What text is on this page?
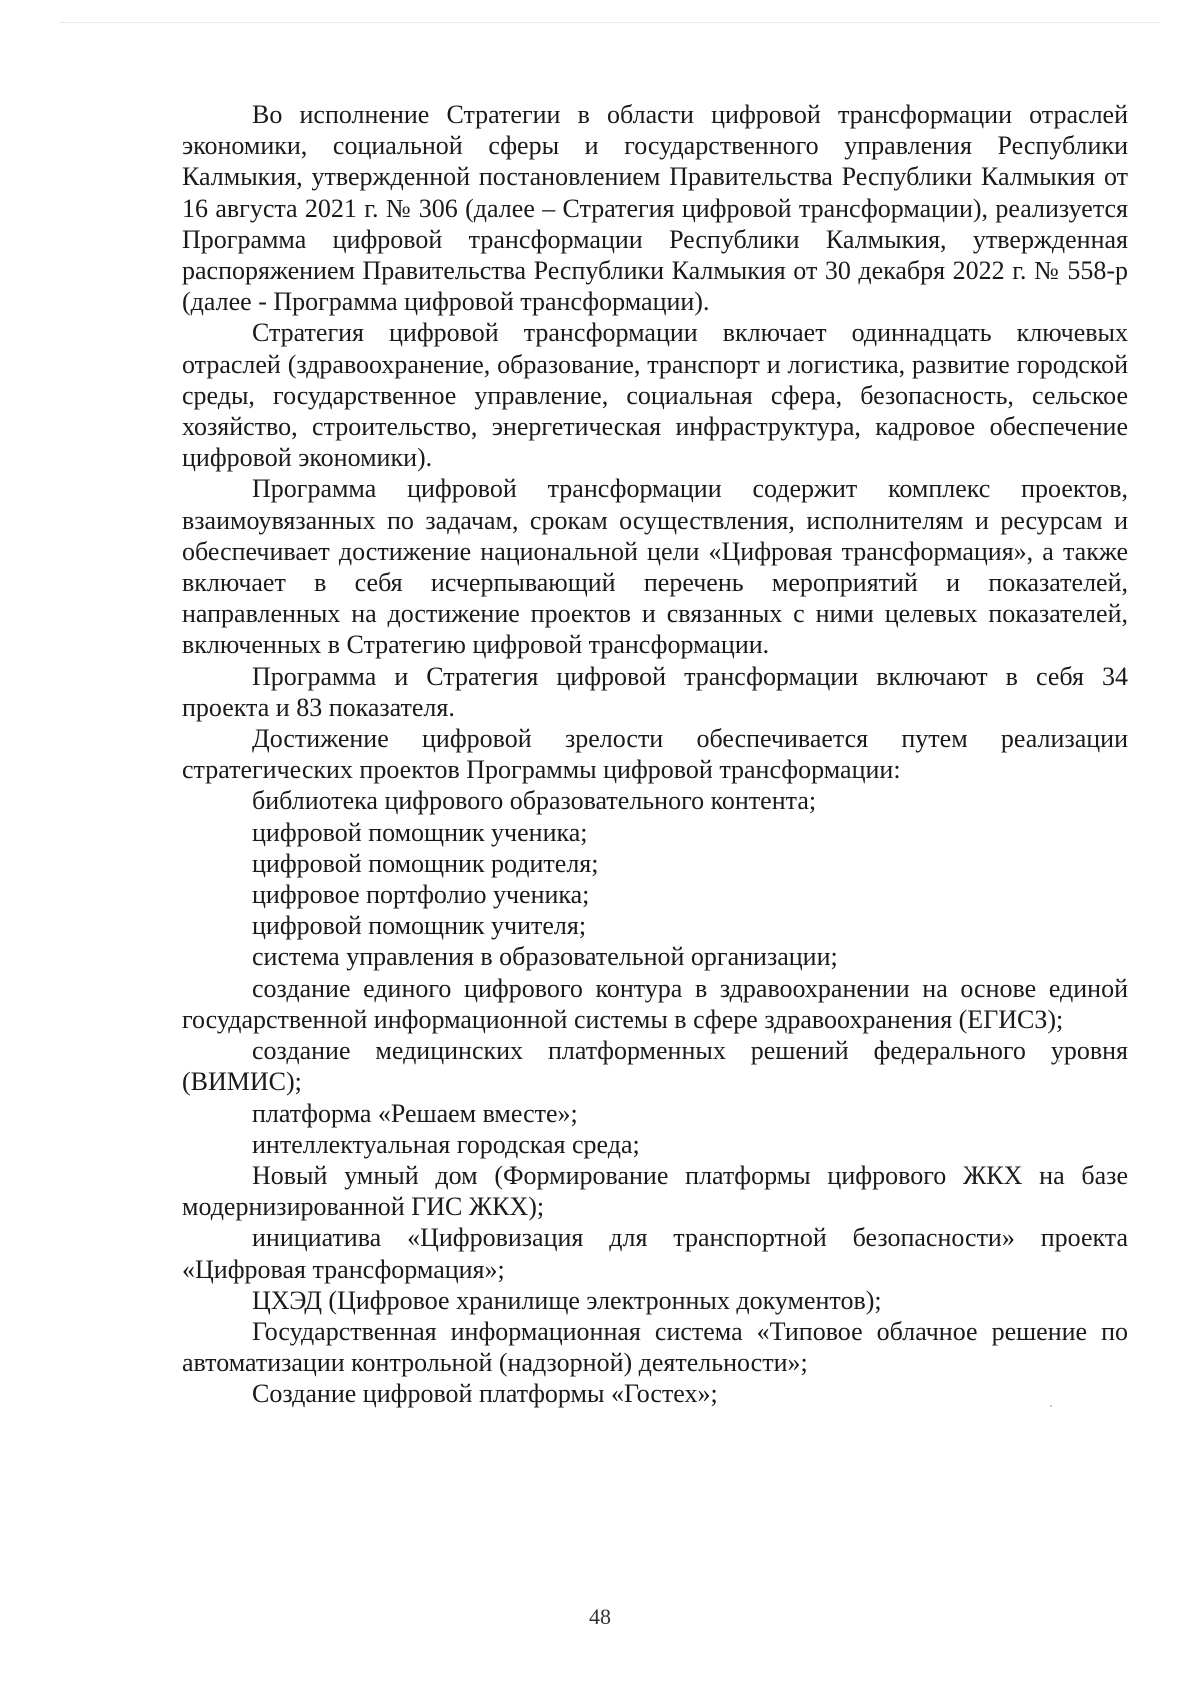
Во исполнение Стратегии в области цифровой трансформации отраслей экономики, социальной сферы и государственного управления Республики Калмыкия, утвержденной постановлением Правительства Республики Калмыкия от 16 августа 2021 г. № 306 (далее – Стратегия цифровой трансформации), реализуется Программа цифровой трансформации Республики Калмыкия, утвержденная распоряжением Правительства Республики Калмыкия от 30 декабря 2022 г. № 558-р (далее - Программа цифровой трансформации).

Стратегия цифровой трансформации включает одиннадцать ключевых отраслей (здравоохранение, образование, транспорт и логистика, развитие городской среды, государственное управление, социальная сфера, безопасность, сельское хозяйство, строительство, энергетическая инфраструктура, кадровое обеспечение цифровой экономики).

Программа цифровой трансформации содержит комплекс проектов, взаимоувязанных по задачам, срокам осуществления, исполнителям и ресурсам и обеспечивает достижение национальной цели «Цифровая трансформация», а также включает в себя исчерпывающий перечень мероприятий и показателей, направленных на достижение проектов и связанных с ними целевых показателей, включенных в Стратегию цифровой трансформации.

Программа и Стратегия цифровой трансформации включают в себя 34 проекта и 83 показателя.

Достижение цифровой зрелости обеспечивается путем реализации стратегических проектов Программы цифровой трансформации:

библиотека цифрового образовательного контента;

цифровой помощник ученика;

цифровой помощник родителя;

цифровое портфолио ученика;

цифровой помощник учителя;

система управления в образовательной организации;

создание единого цифрового контура в здравоохранении на основе единой государственной информационной системы в сфере здравоохранения (ЕГИСЗ);

создание медицинских платформенных решений федерального уровня (ВИМИС);

платформа «Решаем вместе»;

интеллектуальная городская среда;

Новый умный дом (Формирование платформы цифрового ЖКХ на базе модернизированной ГИС ЖКХ);

инициатива «Цифровизация для транспортной безопасности» проекта «Цифровая трансформация»;

ЦХЭД (Цифровое хранилище электронных документов);

Государственная информационная система «Типовое облачное решение по автоматизации контрольной (надзорной) деятельности»;

Создание цифровой платформы «Гостех»;

48
